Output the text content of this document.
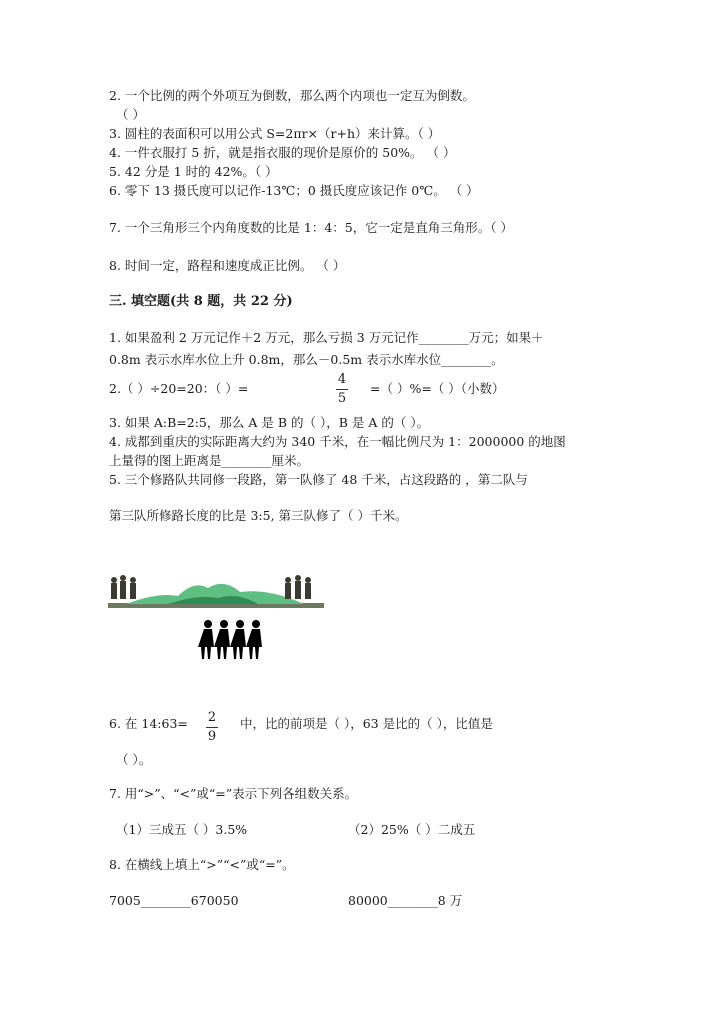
2. 一个比例的两个外项互为倒数，那么两个内项也一定互为倒数。
（ ）
3. 圆柱的表面积可以用公式 S=2πr×（r+h）来计算。（ ）
4. 一件衣服打 5 折，就是指衣服的现价是原价的 50%。 （ ）
5. 42 分是 1 时的 42%。（ ）
6. 零下 13 摄氏度可以记作-13℃；0 摄氏度应该记作 0℃。 （ ）
7. 一个三角形三个内角度数的比是 1：4：5，它一定是直角三角形。（ ）
8. 时间一定，路程和速度成正比例。 （ ）
三. 填空题(共 8 题，共 22 分)
1. 如果盈利 2 万元记作＋2 万元，那么亏损 3 万元记作________万元；如果＋
0.8m 表示水库水位上升 0.8m，那么－0.5m 表示水库水位________。
2.（ ）÷20=20：（ ）=
4
5
=（ ）%=（ ）（小数）
3. 如果 A:B=2:5，那么 A 是 B 的（ ），B 是 A 的（ ）。
4. 成都到重庆的实际距离大约为 340 千米，在一幅比例尺为 1：2000000 的地图
上量得的图上距离是________厘米。
5. 三个修路队共同修一段路，第一队修了 48 千米，占这段路的 ，第二队与
第三队所修路长度的比是 3:5, 第三队修了（ ）千米。
6. 在 14:63= 2
9
中，比的前项是（ ），63 是比的（ ），比值是
（ ）。
7. 用“>”、“<”或“=”表示下列各组数关系。
（1）三成五（ ）3.5%	（2）25%（ ）二成五
8. 在横线上填上“>”“<”或“=”。
7005________670050	80000________8 万
